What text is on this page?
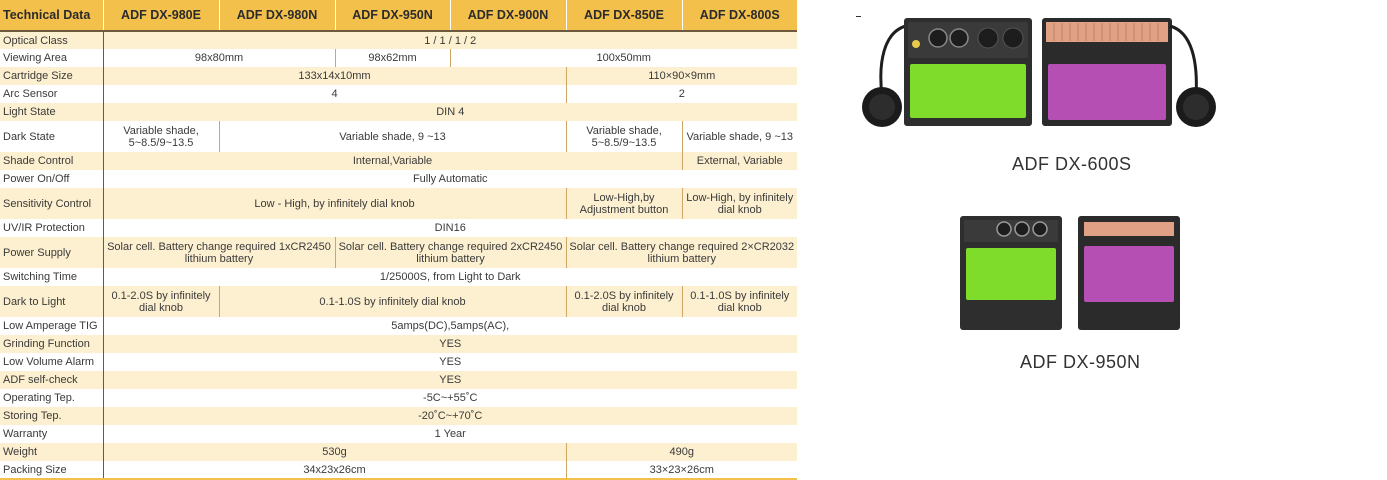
Technical Data	ADF DX-980E	ADF DX-980N	ADF DX-950N	ADF DX-900N	ADF DX-850E	ADF DX-800S
Optical Class	1 / 1 / 1 / 2					
Viewing Area	98x80mm		98x62mm	100x50mm		
Cartridge Size	133x14x10mm				110×90×9mm	
Arc Sensor	4				2	
Light State	DIN 4					
Dark State	Variable shade, 5~8.5/9~13.5	Variable shade, 9 ~13			Variable shade, 5~8.5/9~13.5	Variable shade, 9 ~13
Shade Control	Internal,Variable					External, Variable
Power On/Off	Fully Automatic					
Sensitivity Control	Low - High, by infinitely dial knob				Low-High,by Adjustment button	Low-High, by infinitely dial knob
UV/IR Protection	DIN16					
Power Supply	Solar cell. Battery change required 1xCR2450 lithium battery		Solar cell. Battery change required 2xCR2450 lithium battery		Solar cell. Battery change required 2×CR2032 lithium battery	
Switching Time	1/25000S, from Light to Dark					
Dark to Light	0.1-2.0S by infinitely dial knob	0.1-1.0S by infinitely dial knob			0.1-2.0S by infinitely dial knob	0.1-1.0S by infinitely dial knob
Low Amperage TIG	5amps(DC),5amps(AC),					
Grinding Function	YES					
Low Volume Alarm	YES					
ADF self-check	YES					
Operating Tep.	-5C~+55˚C					
Storing Tep.	-20˚C~+70˚C					
Warranty	1 Year					
Weight	530g				490g	
Packing Size	34x23x26cm				33×23×26cm	
ADF DX-600S
ADF DX-950N
